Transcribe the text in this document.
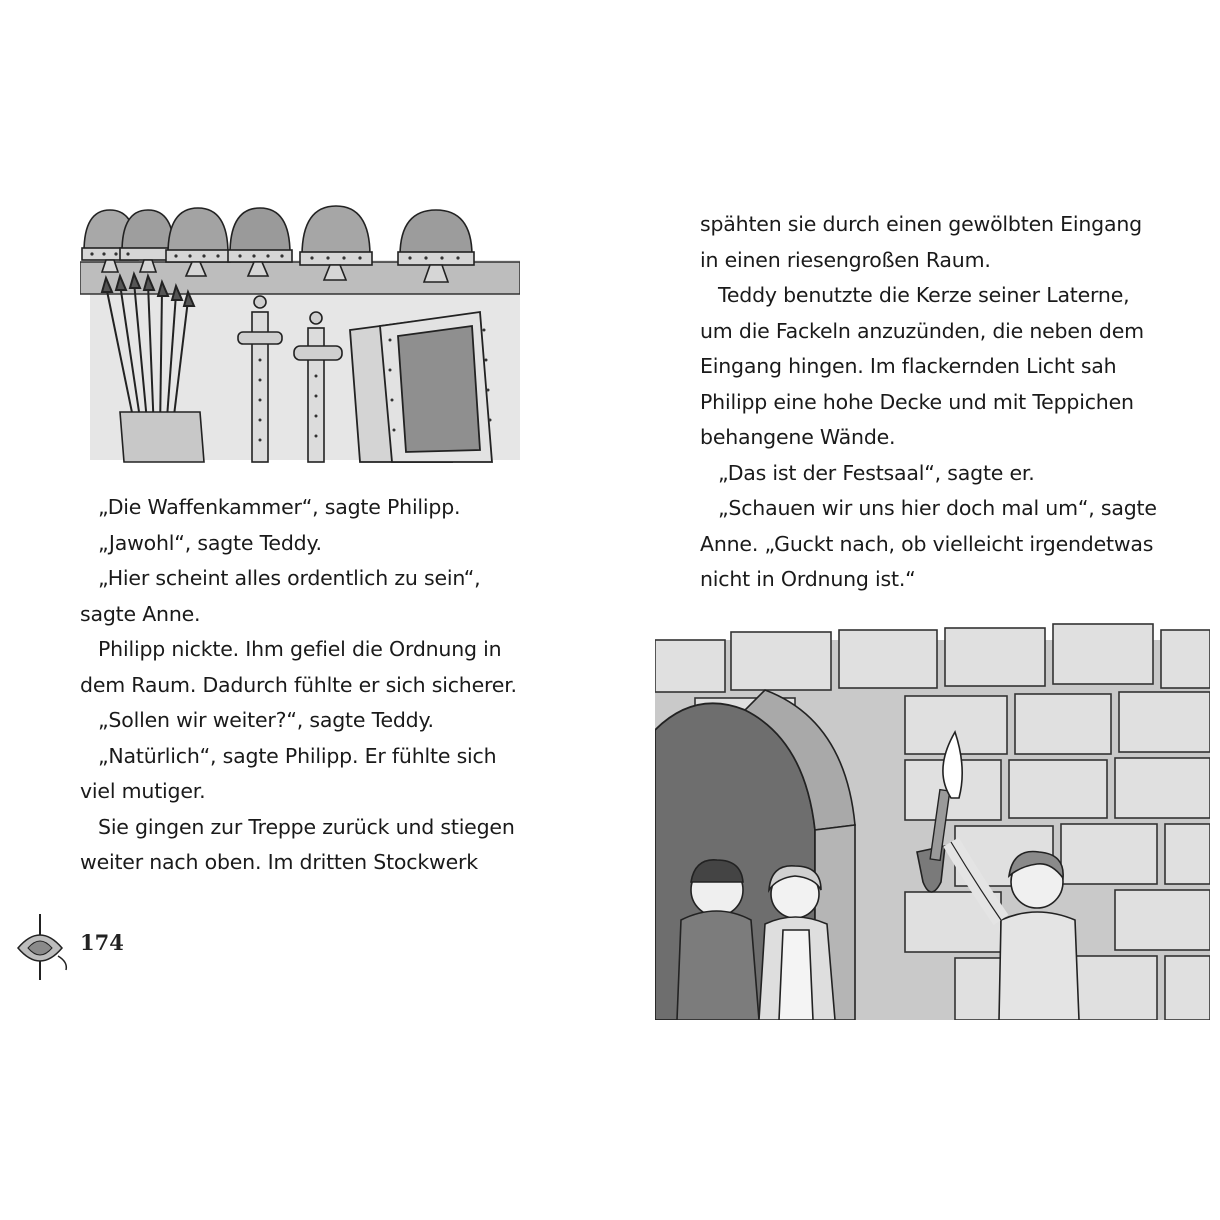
„Die Waffenkammer“, sagte Philipp.

„Jawohl“, sagte Teddy.

„Hier scheint alles ordentlich zu sein“,

sagte Anne.

Philipp nickte. Ihm gefiel die Ordnung in

dem Raum. Dadurch fühlte er sich sicherer.

„Sollen wir weiter?“, sagte Teddy.

„Natürlich“, sagte Philipp. Er fühlte sich

viel mutiger.

Sie gingen zur Treppe zurück und stiegen

weiter nach oben. Im dritten Stockwerk

174

spähten sie durch einen gewölbten Eingang

in einen riesengroßen Raum.

Teddy benutzte die Kerze seiner Laterne,

um die Fackeln anzuzünden, die neben dem

Eingang hingen. Im flackernden Licht sah

Philipp eine hohe Decke und mit Teppichen

behangene Wände.

„Das ist der Festsaal“, sagte er.

„Schauen wir uns hier doch mal um“, sagte

Anne. „Guckt nach, ob vielleicht irgendetwas

nicht in Ordnung ist.“
